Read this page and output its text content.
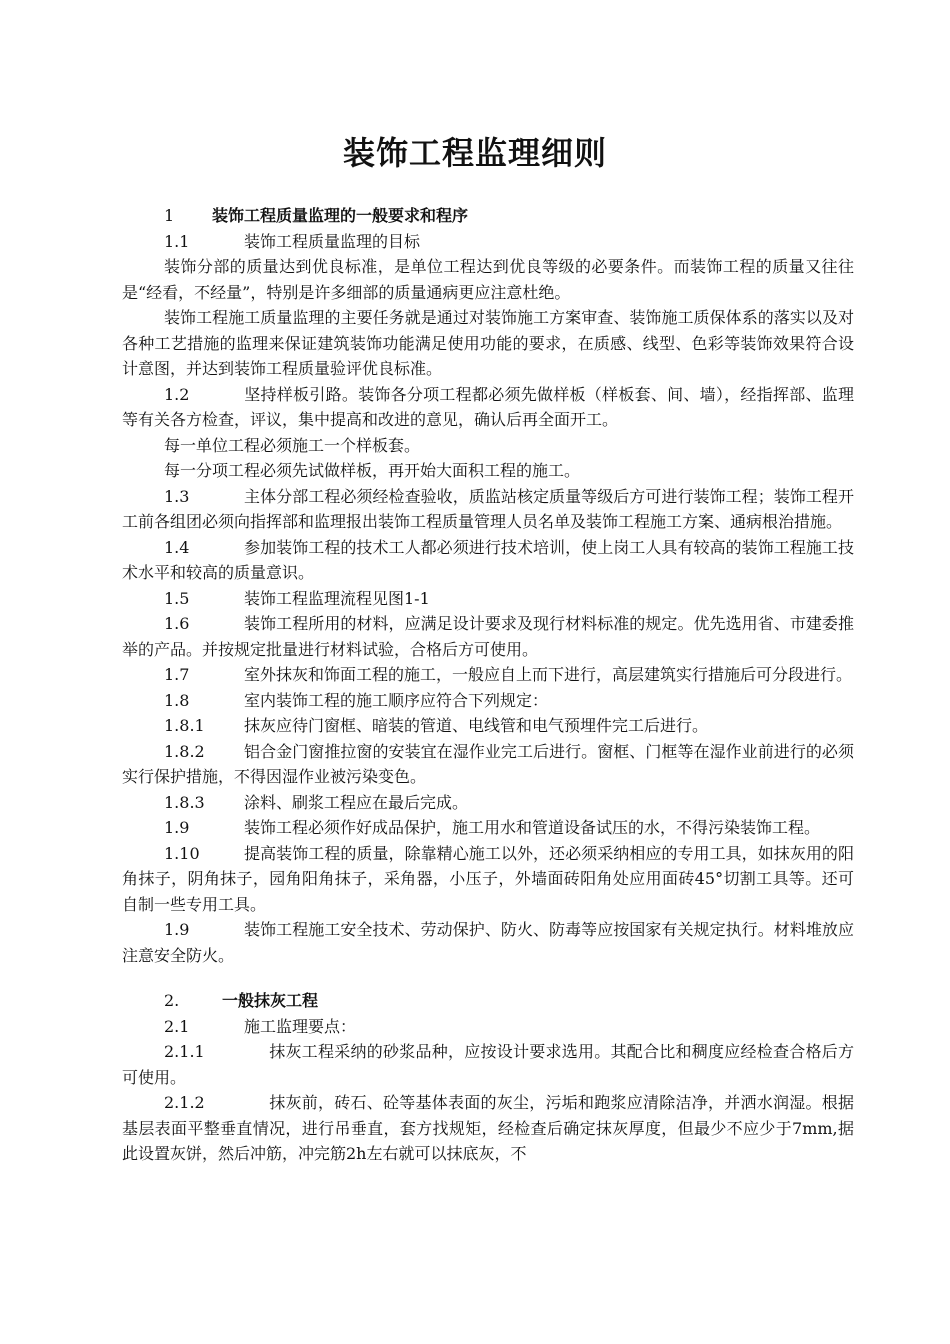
装饰工程监理细则

1 装饰工程质量监理的一般要求和程序

1.1	装饰工程质量监理的目标

装饰分部的质量达到优良标准，是单位工程达到优良等级的必要条件。而装饰工程的质量又往往是“经看，不经量”，特别是许多细部的质量通病更应注意杜绝。

装饰工程施工质量监理的主要任务就是通过对装饰施工方案审查、装饰施工质保体系的落实以及对各种工艺措施的监理来保证建筑装饰功能满足使用功能的要求，在质感、线型、色彩等装饰效果符合设计意图，并达到装饰工程质量验评优良标准。

1.2	坚持样板引路。装饰各分项工程都必须先做样板（样板套、间、墙），经指挥部、监理等有关各方检查，评议，集中提高和改进的意见，确认后再全面开工。

每一单位工程必须施工一个样板套。

每一分项工程必须先试做样板，再开始大面积工程的施工。

1.3	主体分部工程必须经检查验收，质监站核定质量等级后方可进行装饰工程；装饰工程开工前各组团必须向指挥部和监理报出装饰工程质量管理人员名单及装饰工程施工方案、通病根治措施。

1.4	参加装饰工程的技术工人都必须进行技术培训，使上岗工人具有较高的装饰工程施工技术水平和较高的质量意识。

1.5	装饰工程监理流程见图1-1

1.6	装饰工程所用的材料，应满足设计要求及现行材料标准的规定。优先选用省、市建委推举的产品。并按规定批量进行材料试验，合格后方可使用。

1.7	室外抹灰和饰面工程的施工，一般应自上而下进行，高层建筑实行措施后可分段进行。

1.8	室内装饰工程的施工顺序应符合下列规定：

1.8.1 抹灰应待门窗框、暗装的管道、电线管和电气预埋件完工后进行。

1.8.2 铝合金门窗推拉窗的安装宜在湿作业完工后进行。窗框、门框等在湿作业前进行的必须实行保护措施，不得因湿作业被污染变色。

1.8.3 涂料、刷浆工程应在最后完成。

1.9	装饰工程必须作好成品保护，施工用水和管道设备试压的水，不得污染装饰工程。

1.10	提高装饰工程的质量，除靠精心施工以外，还必须采纳相应的专用工具，如抹灰用的阳角抹子，阴角抹子，园角阳角抹子，采角器，小压子，外墙面砖阳角处应用面砖45°切割工具等。还可自制一些专用工具。

1.9	装饰工程施工安全技术、劳动保护、防火、防毒等应按国家有关规定执行。材料堆放应注意安全防火。

2.	一般抹灰工程

2.1	施工监理要点：

2.1.1	抹灰工程采纳的砂浆品种，应按设计要求选用。其配合比和稠度应经检查合格后方可使用。

2.1.2	抹灰前，砖石、砼等基体表面的灰尘，污垢和跑浆应清除洁净，并洒水润湿。根据基层表面平整垂直情况，进行吊垂直，套方找规矩，经检查后确定抹灰厚度，但最少不应少于7mm,据此设置灰饼，然后冲筋，冲完筋2h左右就可以抹底灰，不
